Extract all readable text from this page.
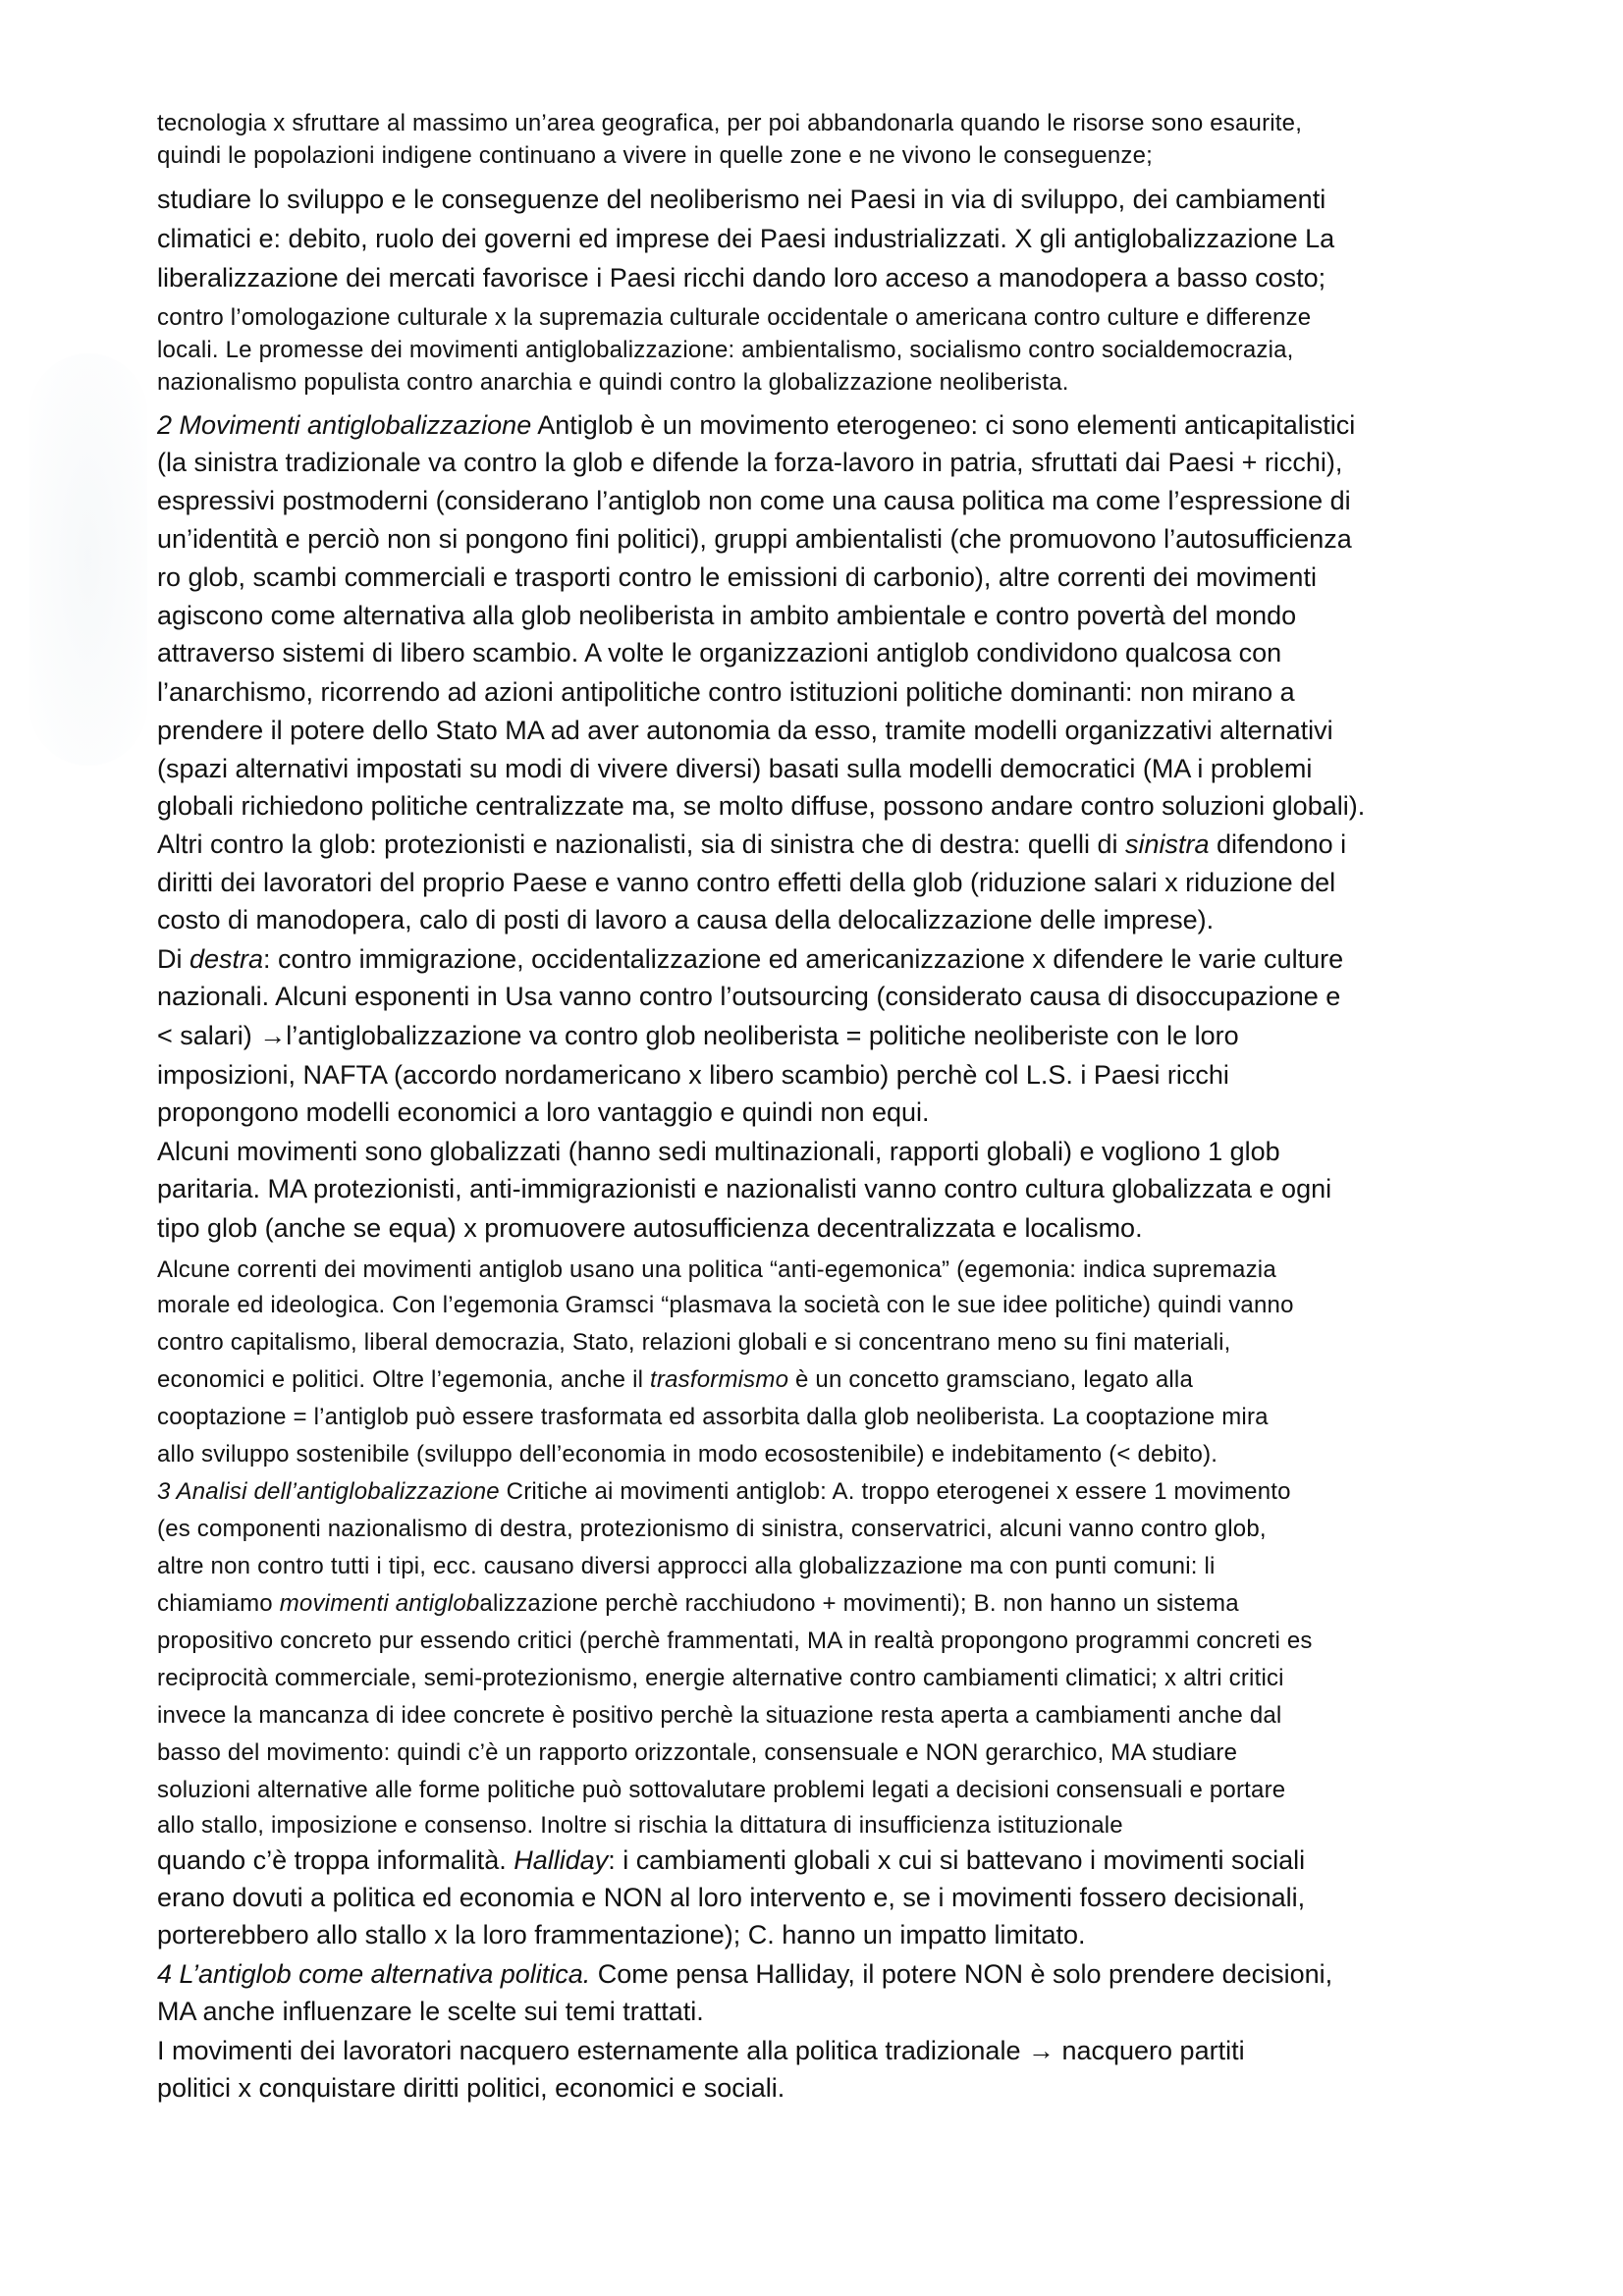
tecnologia x sfruttare al massimo un’area geografica, per poi abbandonarla quando le risorse sono esaurite,
quindi le popolazioni indigene continuano a vivere in quelle zone e ne vivono le conseguenze;
studiare lo sviluppo e le conseguenze del neoliberismo nei Paesi in via di sviluppo, dei cambiamenti
climatici e: debito, ruolo dei governi ed imprese dei Paesi industrializzati. X gli antiglobalizzazione La
liberalizzazione dei mercati favorisce i Paesi ricchi dando loro acceso a manodopera a basso costo;
contro l’omologazione culturale x la supremazia culturale occidentale o americana contro culture e differenze
locali. Le promesse dei movimenti antiglobalizzazione: ambientalismo, socialismo contro socialdemocrazia,
nazionalismo populista contro anarchia e quindi contro la globalizzazione neoliberista.
2 Movimenti antiglobalizzazione Antiglob è un movimento eterogeneo: ci sono elementi anticapitalistici
(la sinistra tradizionale va contro la glob e difende la forza-lavoro in patria, sfruttati dai Paesi + ricchi),
espressivi postmoderni (considerano l’antiglob non come una causa politica ma come l’espressione di
un’identità e perciò non si pongono fini politici), gruppi ambientalisti (che promuovono l’autosufficienza
ro glob, scambi commerciali e trasporti contro le emissioni di carbonio), altre correnti dei movimenti
agiscono come alternativa alla glob neoliberista in ambito ambientale e contro povertà del mondo
attraverso sistemi di libero scambio. A volte le organizzazioni antiglob condividono qualcosa con
l’anarchismo, ricorrendo ad azioni antipolitiche contro istituzioni politiche dominanti: non mirano a
prendere il potere dello Stato MA ad aver autonomia da esso, tramite modelli organizzativi alternativi
(spazi alternativi impostati su modi di vivere diversi) basati sulla modelli democratici (MA i problemi
globali richiedono politiche centralizzate ma, se molto diffuse, possono andare contro soluzioni globali).
Altri contro la glob: protezionisti e nazionalisti, sia di sinistra che di destra: quelli di sinistra difendono i
diritti dei lavoratori del proprio Paese e vanno contro effetti della glob (riduzione salari x riduzione del
costo di manodopera, calo di posti di lavoro a causa della delocalizzazione delle imprese).
Di destra: contro immigrazione, occidentalizzazione ed americanizzazione x difendere le varie culture
nazionali. Alcuni esponenti in Usa vanno contro l’outsourcing (considerato causa di disoccupazione e
< salari) →l’antiglobalizzazione va contro glob neoliberista = politiche neoliberiste con le loro
imposizioni, NAFTA (accordo nordamericano x libero scambio) perchè col L.S. i Paesi ricchi
propongono modelli economici a loro vantaggio e quindi non equi.
Alcuni movimenti sono globalizzati (hanno sedi multinazionali, rapporti globali) e vogliono 1 glob
paritaria. MA protezionisti, anti-immigrazionisti e nazionalisti vanno contro cultura globalizzata e ogni
tipo glob (anche se equa) x promuovere autosufficienza decentralizzata e localismo.
Alcune correnti dei movimenti antiglob usano una politica “anti-egemonica” (egemonia: indica supremazia
morale ed ideologica. Con l’egemonia Gramsci “plasmava la società con le sue idee politiche) quindi vanno
contro capitalismo, liberal democrazia, Stato, relazioni globali e si concentrano meno su fini materiali,
economici e politici. Oltre l’egemonia, anche il trasformismo è un concetto gramsciano, legato alla
cooptazione = l’antiglob può essere trasformata ed assorbita dalla glob neoliberista. La cooptazione mira
allo sviluppo sostenibile (sviluppo dell’economia in modo ecosostenibile) e indebitamento (< debito).
3 Analisi dell’antiglobalizzazione Critiche ai movimenti antiglob: A. troppo eterogenei x essere 1 movimento
(es componenti nazionalismo di destra, protezionismo di sinistra, conservatrici, alcuni vanno contro glob,
altre non contro tutti i tipi, ecc. causano diversi approcci alla globalizzazione ma con punti comuni: li
chiamiamo movimenti antiglobalizzazione perchè racchiudono + movimenti); B. non hanno un sistema
propositivo concreto pur essendo critici (perchè frammentati, MA in realtà propongono programmi concreti es
reciprocità commerciale, semi-protezionismo, energie alternative contro cambiamenti climatici; x altri critici
invece la mancanza di idee concrete è positivo perchè la situazione resta aperta a cambiamenti anche dal
basso del movimento: quindi c’è un rapporto orizzontale, consensuale e NON gerarchico, MA studiare
soluzioni alternative alle forme politiche può sottovalutare problemi legati a decisioni consensuali e portare
allo stallo, imposizione e consenso. Inoltre si rischia la dittatura di insufficienza istituzionale
quando c’è troppa informalità. Halliday: i cambiamenti globali x cui si battevano i movimenti sociali
erano dovuti a politica ed economia e NON al loro intervento e, se i movimenti fossero decisionali,
porterebbero allo stallo x la loro frammentazione); C. hanno un impatto limitato.
4 L’antiglob come alternativa politica. Come pensa Halliday, il potere NON è solo prendere decisioni,
MA anche influenzare le scelte sui temi trattati.
I movimenti dei lavoratori nacquero esternamente alla politica tradizionale → nacquero partiti
politici x conquistare diritti politici, economici e sociali.
